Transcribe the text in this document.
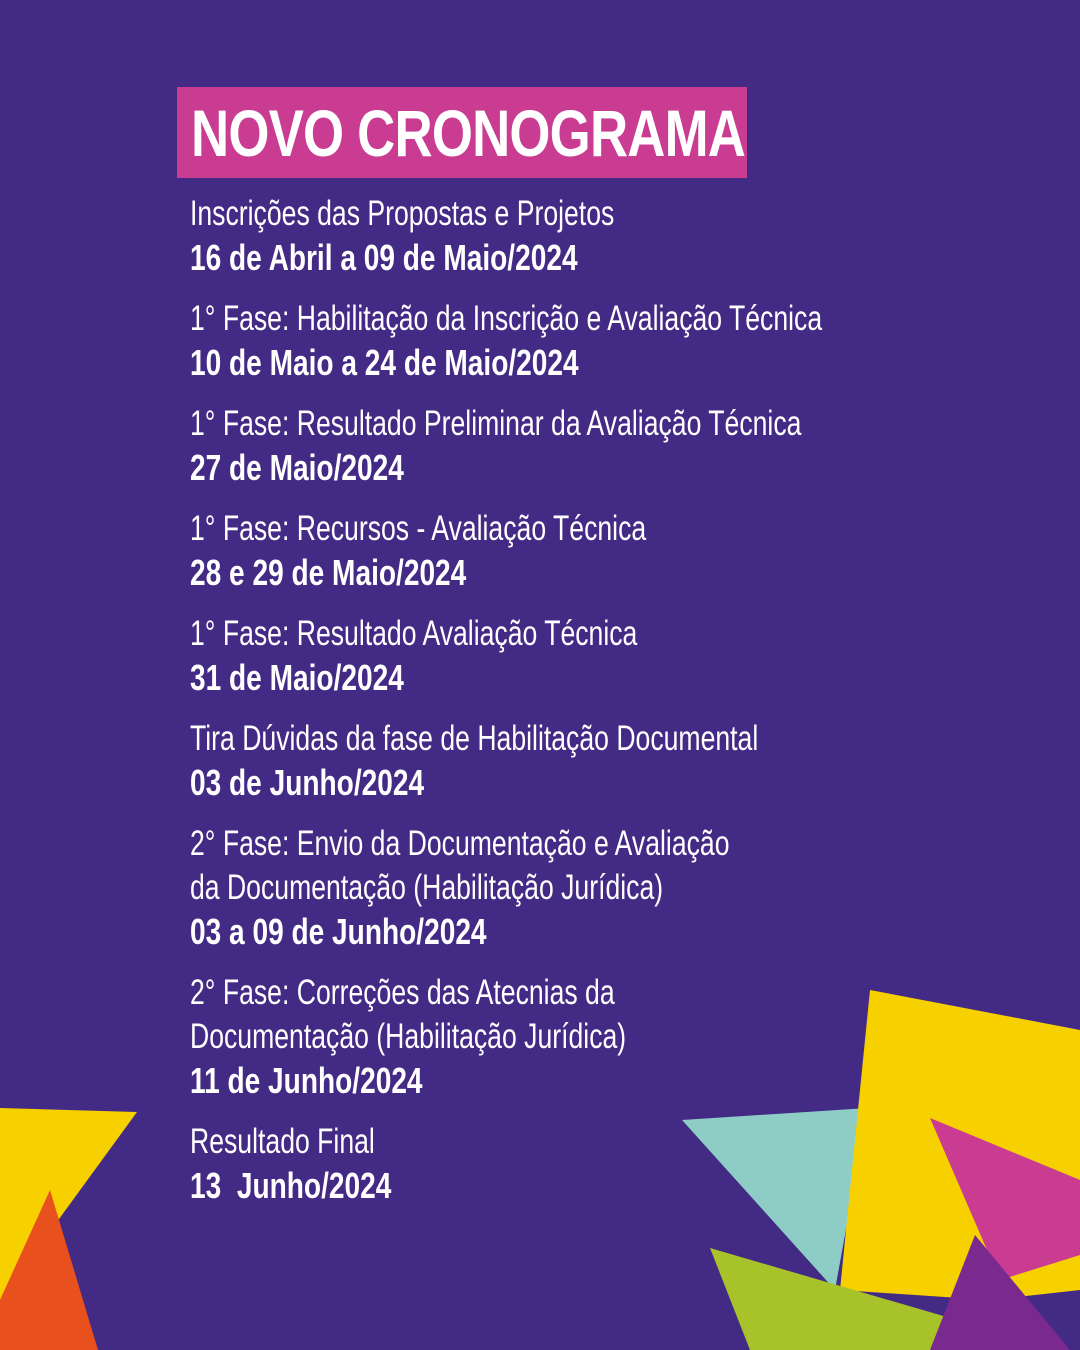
NOVO CRONOGRAMA
Inscrições das Propostas e Projetos
16 de Abril a 09 de Maio/2024
1° Fase: Habilitação da Inscrição e Avaliação Técnica
10 de Maio a 24 de Maio/2024
1° Fase: Resultado Preliminar da Avaliação Técnica
27 de Maio/2024
1° Fase: Recursos - Avaliação Técnica
28 e 29 de Maio/2024
1° Fase: Resultado Avaliação Técnica
31 de Maio/2024
Tira Dúvidas da fase de Habilitação Documental
03 de Junho/2024
2° Fase: Envio da Documentação e Avaliação
da Documentação (Habilitação Jurídica)
03 a 09 de Junho/2024
2° Fase: Correções das Atecnias da
Documentação (Habilitação Jurídica)
11 de Junho/2024
Resultado Final
13  Junho/2024
